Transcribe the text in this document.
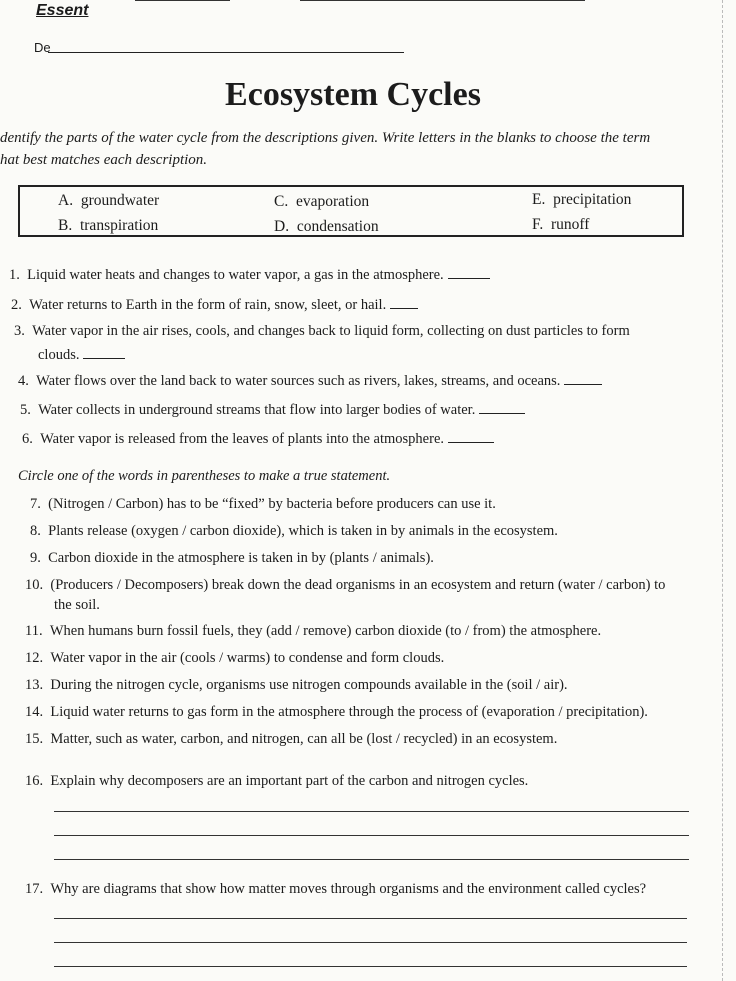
Essent
De
Ecosystem Cycles
dentify the parts of the water cycle from the descriptions given. Write letters in the blanks to choose the term
hat best matches each description.
A. groundwater
B. transpiration
C. evaporation
D. condensation
E. precipitation
F. runoff
1. Liquid water heats and changes to water vapor, a gas in the atmosphere.
2. Water returns to Earth in the form of rain, snow, sleet, or hail.
3. Water vapor in the air rises, cools, and changes back to liquid form, collecting on dust particles to form
clouds.
4. Water flows over the land back to water sources such as rivers, lakes, streams, and oceans.
5. Water collects in underground streams that flow into larger bodies of water.
6. Water vapor is released from the leaves of plants into the atmosphere.
Circle one of the words in parentheses to make a true statement.
7. (Nitrogen / Carbon) has to be “fixed” by bacteria before producers can use it.
8. Plants release (oxygen / carbon dioxide), which is taken in by animals in the ecosystem.
9. Carbon dioxide in the atmosphere is taken in by (plants / animals).
10. (Producers / Decomposers) break down the dead organisms in an ecosystem and return (water / carbon) to
the soil.
11. When humans burn fossil fuels, they (add / remove) carbon dioxide (to / from) the atmosphere.
12. Water vapor in the air (cools / warms) to condense and form clouds.
13. During the nitrogen cycle, organisms use nitrogen compounds available in the (soil / air).
14. Liquid water returns to gas form in the atmosphere through the process of (evaporation / precipitation).
15. Matter, such as water, carbon, and nitrogen, can all be (lost / recycled) in an ecosystem.
16. Explain why decomposers are an important part of the carbon and nitrogen cycles.
17. Why are diagrams that show how matter moves through organisms and the environment called cycles?
